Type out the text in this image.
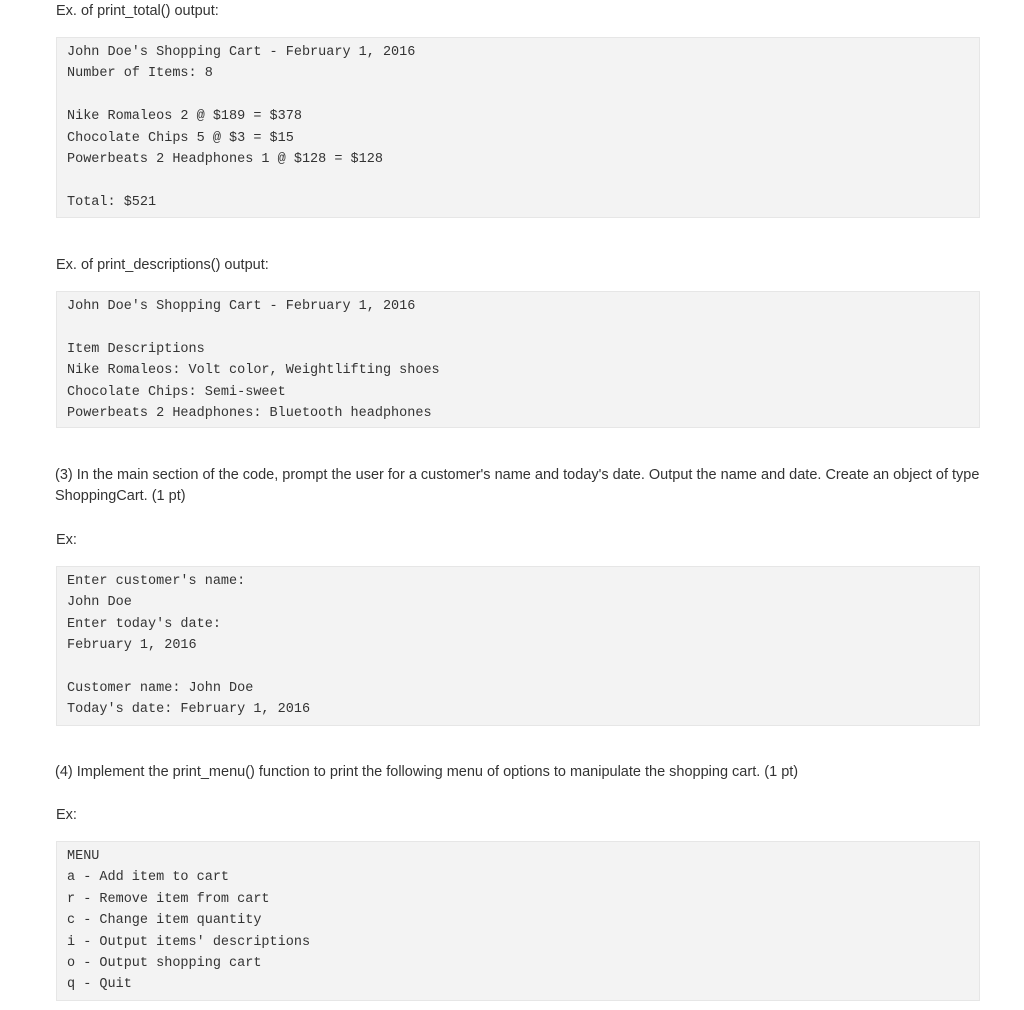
Ex. of print_total() output:

John Doe's Shopping Cart - February 1, 2016
Number of Items: 8
Nike Romaleos 2 @ $189 = $378
Chocolate Chips 5 @ $3 = $15
Powerbeats 2 Headphones 1 @ $128 = $128
Total: $521

Ex. of print_descriptions() output:

John Doe's Shopping Cart - February 1, 2016
Item Descriptions
Nike Romaleos: Volt color, Weightlifting shoes
Chocolate Chips: Semi-sweet
Powerbeats 2 Headphones: Bluetooth headphones

(3) In the main section of the code, prompt the user for a customer's name and today's date. Output the name and date. Create an object of type ShoppingCart. (1 pt)

Ex:

Enter customer's name:
John Doe
Enter today's date:
February 1, 2016
Customer name: John Doe
Today's date: February 1, 2016

(4) Implement the print_menu() function to print the following menu of options to manipulate the shopping cart. (1 pt)

Ex:

MENU
a - Add item to cart
r - Remove item from cart
c - Change item quantity
i - Output items' descriptions
o - Output shopping cart
q - Quit
